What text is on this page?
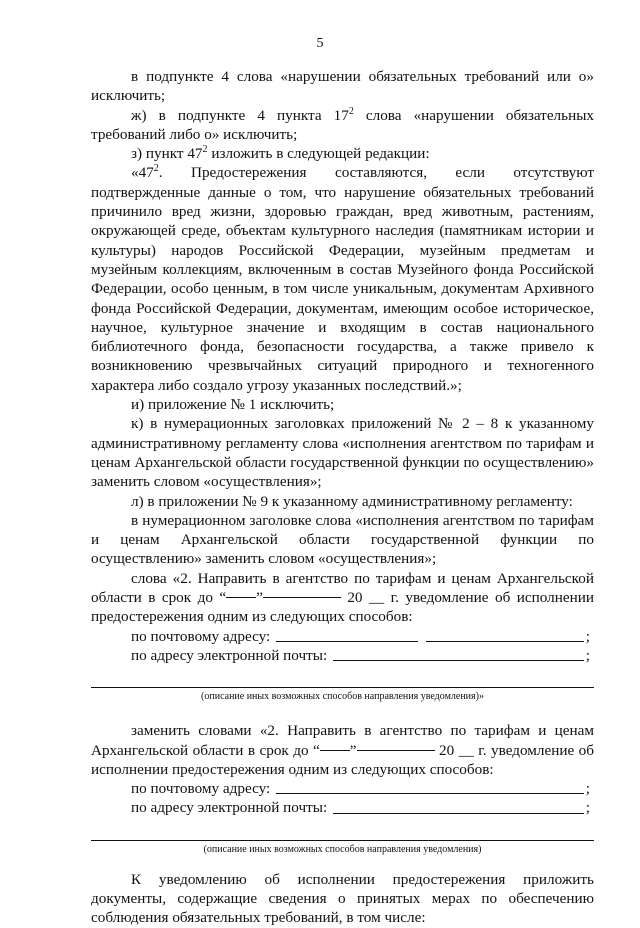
5

в подпункте 4 слова «нарушении обязательных требований или о» исключить;

ж) в подпункте 4 пункта $17^2$ слова «нарушении обязательных требований либо о» исключить;

з) пункт $47^2$ изложить в следующей редакции:

«$47^2$. Предостережения составляются, если отсутствуют подтвержденные данные о том, что нарушение обязательных требований причинило вред жизни, здоровью граждан, вред животным, растениям, окружающей среде, объектам культурного наследия (памятникам истории и культуры) народов Российской Федерации, музейным предметам и музейным коллекциям, включенным в состав Музейного фонда Российской Федерации, особо ценным, в том числе уникальным, документам Архивного фонда Российской Федерации, документам, имеющим особое историческое, научное, культурное значение и входящим в состав национального библиотечного фонда, безопасности государства, а также привело к возникновению чрезвычайных ситуаций природного и техногенного характера либо создало угрозу указанных последствий.»;

и) приложение № 1 исключить;

к) в нумерационных заголовках приложений № 2 – 8 к указанному административному регламенту слова «исполнения агентством по тарифам и ценам Архангельской области государственной функции по осуществлению» заменить словом «осуществления»;

л) в приложении № 9 к указанному административному регламенту:

в нумерационном заголовке слова «исполнения агентством по тарифам и ценам Архангельской области государственной функции по осуществлению» заменить словом «осуществления»;

слова «2. Направить в агентство по тарифам и ценам Архангельской области в срок до “ ”	20 __ г. уведомление об исполнении предостережения одним из следующих способов:

по почтовому адресу:	;
по адресу электронной почты:	;
(описание иных возможных способов направления уведомления)»

заменить словами «2. Направить в агентство по тарифам и ценам Архангельской области в срок до “ ”	20 __ г. уведомление об исполнении предостережения одним из следующих способов:

по почтовому адресу:	;
по адресу электронной почты:	;
(описание иных возможных способов направления уведомления)

К уведомлению об исполнении предостережения приложить документы, содержащие сведения о принятых мерах по обеспечению соблюдения обязательных требований, в том числе:
